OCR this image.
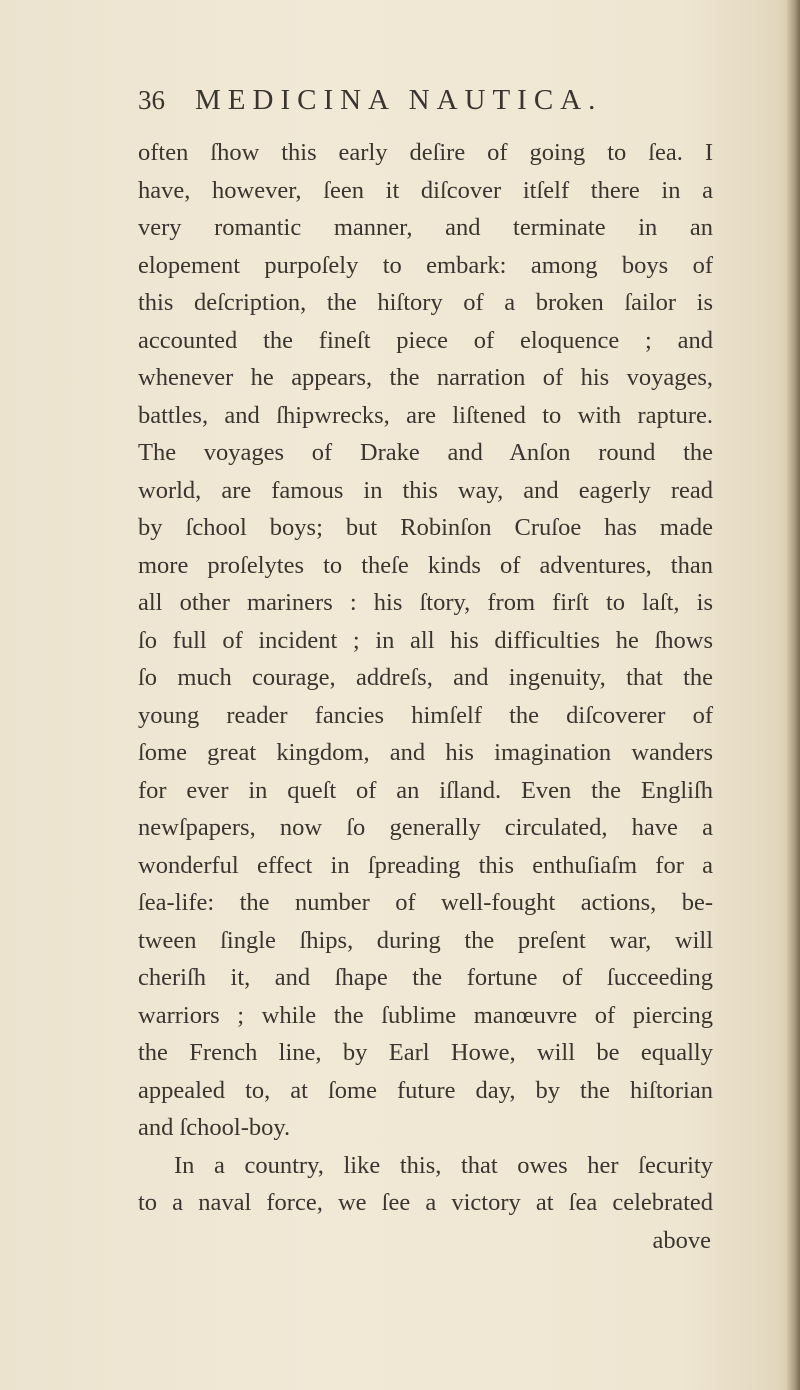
36 MEDICINA NAUTICA.
often ſhow this early deſire of going to ſea. I
have, however, ſeen it diſcover itſelf there in a
very romantic manner, and terminate in an
elopement purpoſely to embark: among boys of
this deſcription, the hiſtory of a broken ſailor is
accounted the fineſt piece of eloquence ; and
whenever he appears, the narration of his voyages,
battles, and ſhipwrecks, are liſtened to with rapture.
The voyages of Drake and Anſon round the
world, are famous in this way, and eagerly read
by ſchool boys; but Robinſon Cruſoe has made
more proſelytes to theſe kinds of adventures, than
all other mariners : his ſtory, from firſt to laſt, is
ſo full of incident ; in all his difficulties he ſhows
ſo much courage, addreſs, and ingenuity, that the
young reader fancies himſelf the diſcoverer of
ſome great kingdom, and his imagination wanders
for ever in queſt of an iſland. Even the Engliſh
newſpapers, now ſo generally circulated, have a
wonderful effect in ſpreading this enthuſiaſm for a
ſea-life: the number of well-fought actions, be-
tween ſingle ſhips, during the preſent war, will
cheriſh it, and ſhape the fortune of ſucceeding
warriors ; while the ſublime manœuvre of piercing
the French line, by Earl Howe, will be equally
appealed to, at ſome future day, by the hiſtorian
and ſchool-boy.
In a country, like this, that owes her ſecurity
to a naval force, we ſee a victory at ſea celebrated
above
